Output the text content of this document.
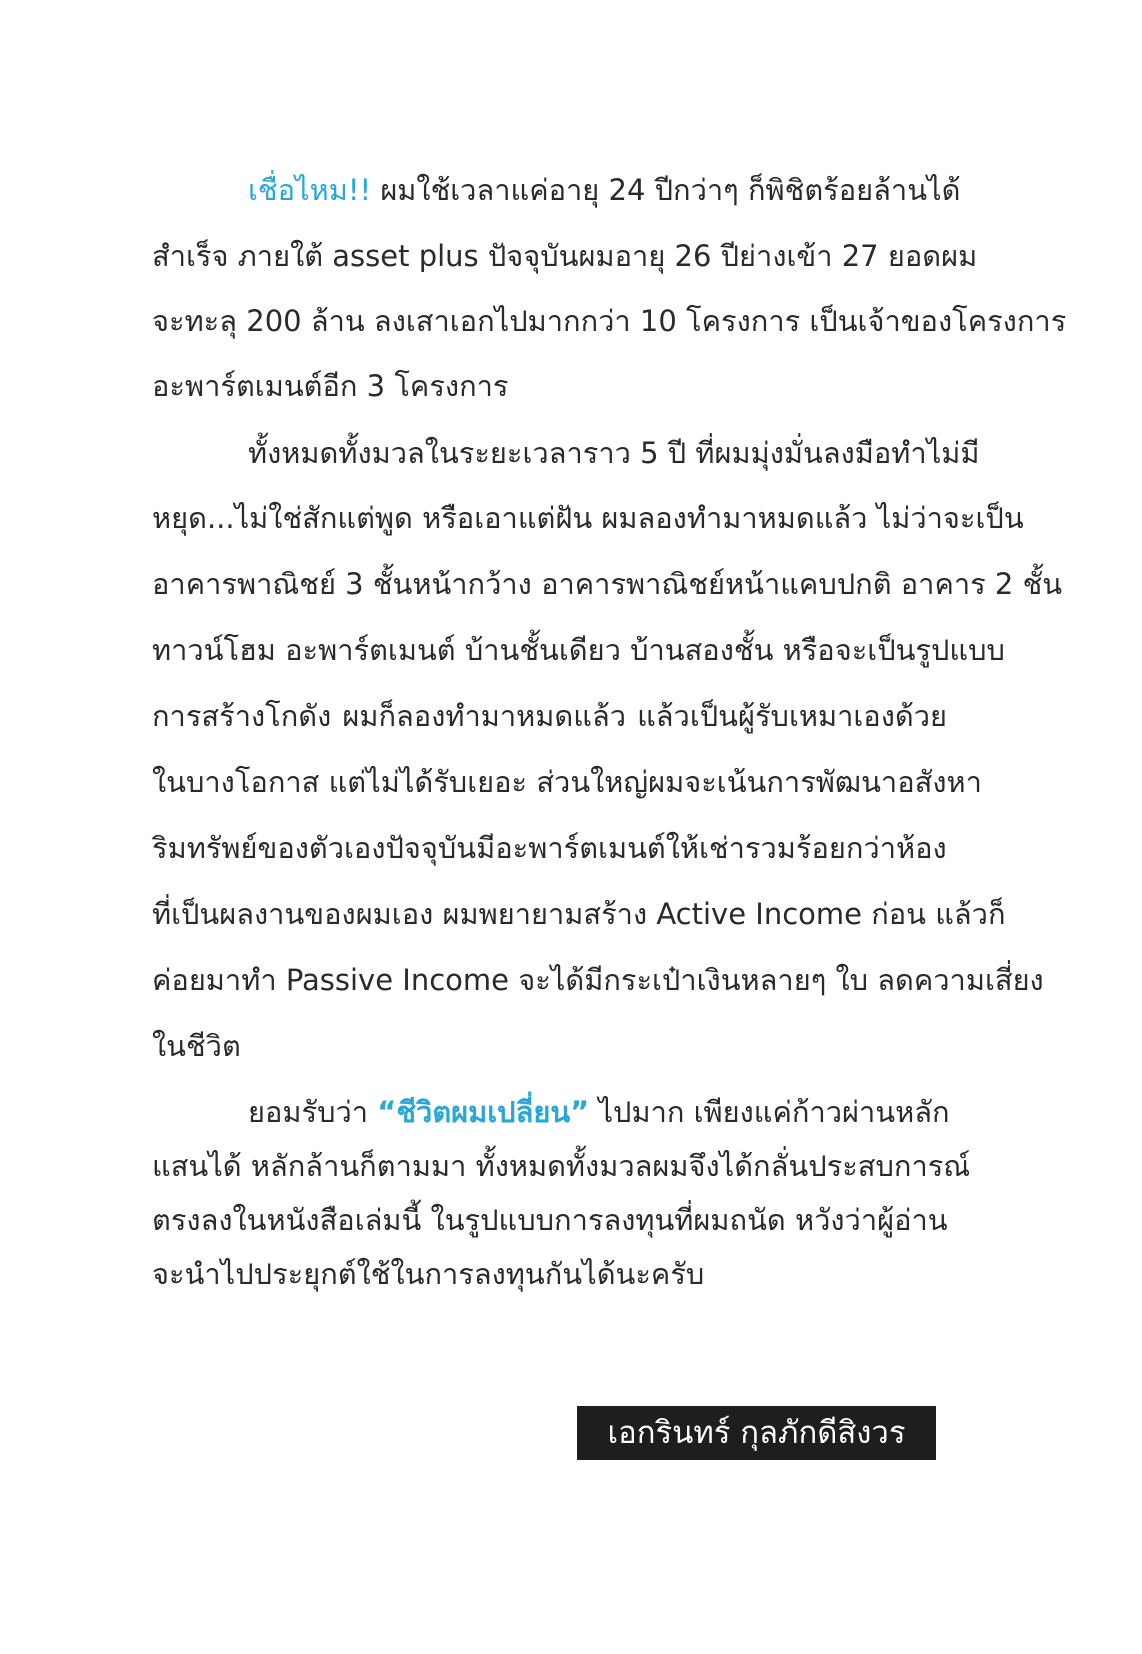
เชื่อไหม!! ผมใช้เวลาแค่อายุ 24 ปีกว่าๆ ก็พิชิตร้อยล้านได้
สำเร็จ ภายใต้ asset plus ปัจจุบันผมอายุ 26 ปีย่างเข้า 27 ยอดผม
จะทะลุ 200 ล้าน ลงเสาเอกไปมากกว่า 10 โครงการ เป็นเจ้าของโครงการ
อะพาร์ตเมนต์อีก 3 โครงการ
ทั้งหมดทั้งมวลในระยะเวลาราว 5 ปี ที่ผมมุ่งมั่นลงมือทำไม่มี
หยุด...ไม่ใช่สักแต่พูด หรือเอาแต่ฝัน ผมลองทำมาหมดแล้ว ไม่ว่าจะเป็น
อาคารพาณิชย์ 3 ชั้นหน้ากว้าง อาคารพาณิชย์หน้าแคบปกติ อาคาร 2 ชั้น
ทาวน์โฮม อะพาร์ตเมนต์ บ้านชั้นเดียว บ้านสองชั้น หรือจะเป็นรูปแบบ
การสร้างโกดัง ผมก็ลองทำมาหมดแล้ว แล้วเป็นผู้รับเหมาเองด้วย
ในบางโอกาส แต่ไม่ได้รับเยอะ ส่วนใหญ่ผมจะเน้นการพัฒนาอสังหา
ริมทรัพย์ของตัวเองปัจจุบันมีอะพาร์ตเมนต์ให้เช่ารวมร้อยกว่าห้อง
ที่เป็นผลงานของผมเอง ผมพยายามสร้าง Active Income ก่อน แล้วก็
ค่อยมาทำ Passive Income จะได้มีกระเป๋าเงินหลายๆ ใบ ลดความเสี่ยง
ในชีวิต
ยอมรับว่า “ชีวิตผมเปลี่ยน” ไปมาก เพียงแค่ก้าวผ่านหลัก
แสนได้ หลักล้านก็ตามมา ทั้งหมดทั้งมวลผมจึงได้กลั่นประสบการณ์
ตรงลงในหนังสือเล่มนี้ ในรูปแบบการลงทุนที่ผมถนัด หวังว่าผู้อ่าน
จะนำไปประยุกต์ใช้ในการลงทุนกันได้นะครับ
เอกรินทร์ กุลภักดีสิงวร
